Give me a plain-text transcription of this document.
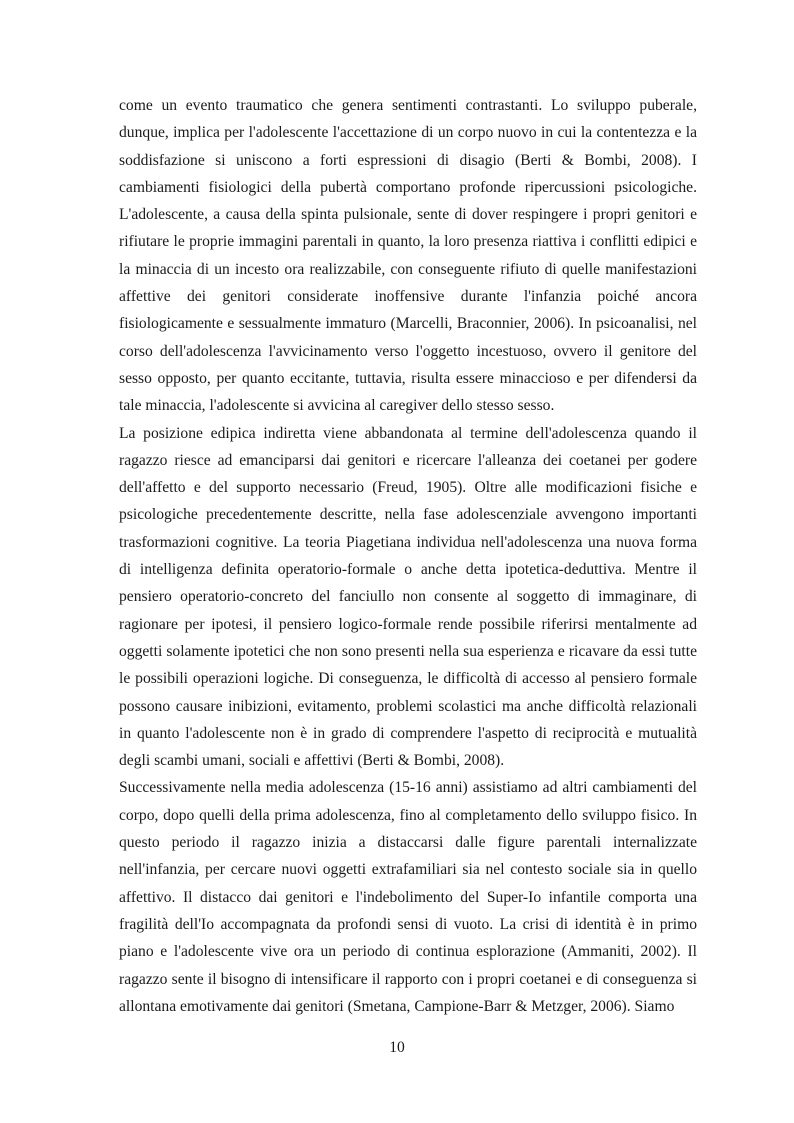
come un evento traumatico che genera sentimenti contrastanti. Lo sviluppo puberale, dunque, implica per l'adolescente l'accettazione di un corpo nuovo in cui la contentezza e la soddisfazione si uniscono a forti espressioni di disagio (Berti & Bombi, 2008). I cambiamenti fisiologici della pubertà comportano profonde ripercussioni psicologiche. L'adolescente, a causa della spinta pulsionale, sente di dover respingere i propri genitori e rifiutare le proprie immagini parentali in quanto, la loro presenza riattiva i conflitti edipici e la minaccia di un incesto ora realizzabile, con conseguente rifiuto di quelle manifestazioni affettive dei genitori considerate inoffensive durante l'infanzia poiché ancora fisiologicamente e sessualmente immaturo (Marcelli, Braconnier, 2006). In psicoanalisi, nel corso dell'adolescenza l'avvicinamento verso l'oggetto incestuoso, ovvero il genitore del sesso opposto, per quanto eccitante, tuttavia, risulta essere minaccioso e per difendersi da tale minaccia, l'adolescente si avvicina al caregiver dello stesso sesso.

La posizione edipica indiretta viene abbandonata al termine dell'adolescenza quando il ragazzo riesce ad emanciparsi dai genitori e ricercare l'alleanza dei coetanei per godere dell'affetto e del supporto necessario (Freud, 1905). Oltre alle modificazioni fisiche e psicologiche precedentemente descritte, nella fase adolescenziale avvengono importanti trasformazioni cognitive. La teoria Piagetiana individua nell'adolescenza una nuova forma di intelligenza definita operatorio-formale o anche detta ipotetica-deduttiva. Mentre il pensiero operatorio-concreto del fanciullo non consente al soggetto di immaginare, di ragionare per ipotesi, il pensiero logico-formale rende possibile riferirsi mentalmente ad oggetti solamente ipotetici che non sono presenti nella sua esperienza e ricavare da essi tutte le possibili operazioni logiche. Di conseguenza, le difficoltà di accesso al pensiero formale possono causare inibizioni, evitamento, problemi scolastici ma anche difficoltà relazionali in quanto l'adolescente non è in grado di comprendere l'aspetto di reciprocità e mutualità degli scambi umani, sociali e affettivi (Berti & Bombi, 2008).

Successivamente nella media adolescenza (15-16 anni) assistiamo ad altri cambiamenti del corpo, dopo quelli della prima adolescenza, fino al completamento dello sviluppo fisico. In questo periodo il ragazzo inizia a distaccarsi dalle figure parentali internalizzate nell'infanzia, per cercare nuovi oggetti extrafamiliari sia nel contesto sociale sia in quello affettivo. Il distacco dai genitori e l'indebolimento del Super-Io infantile comporta una fragilità dell'Io accompagnata da profondi sensi di vuoto. La crisi di identità è in primo piano e l'adolescente vive ora un periodo di continua esplorazione (Ammaniti, 2002). Il ragazzo sente il bisogno di intensificare il rapporto con i propri coetanei e di conseguenza si allontana emotivamente dai genitori (Smetana, Campione-Barr & Metzger, 2006). Siamo

10
